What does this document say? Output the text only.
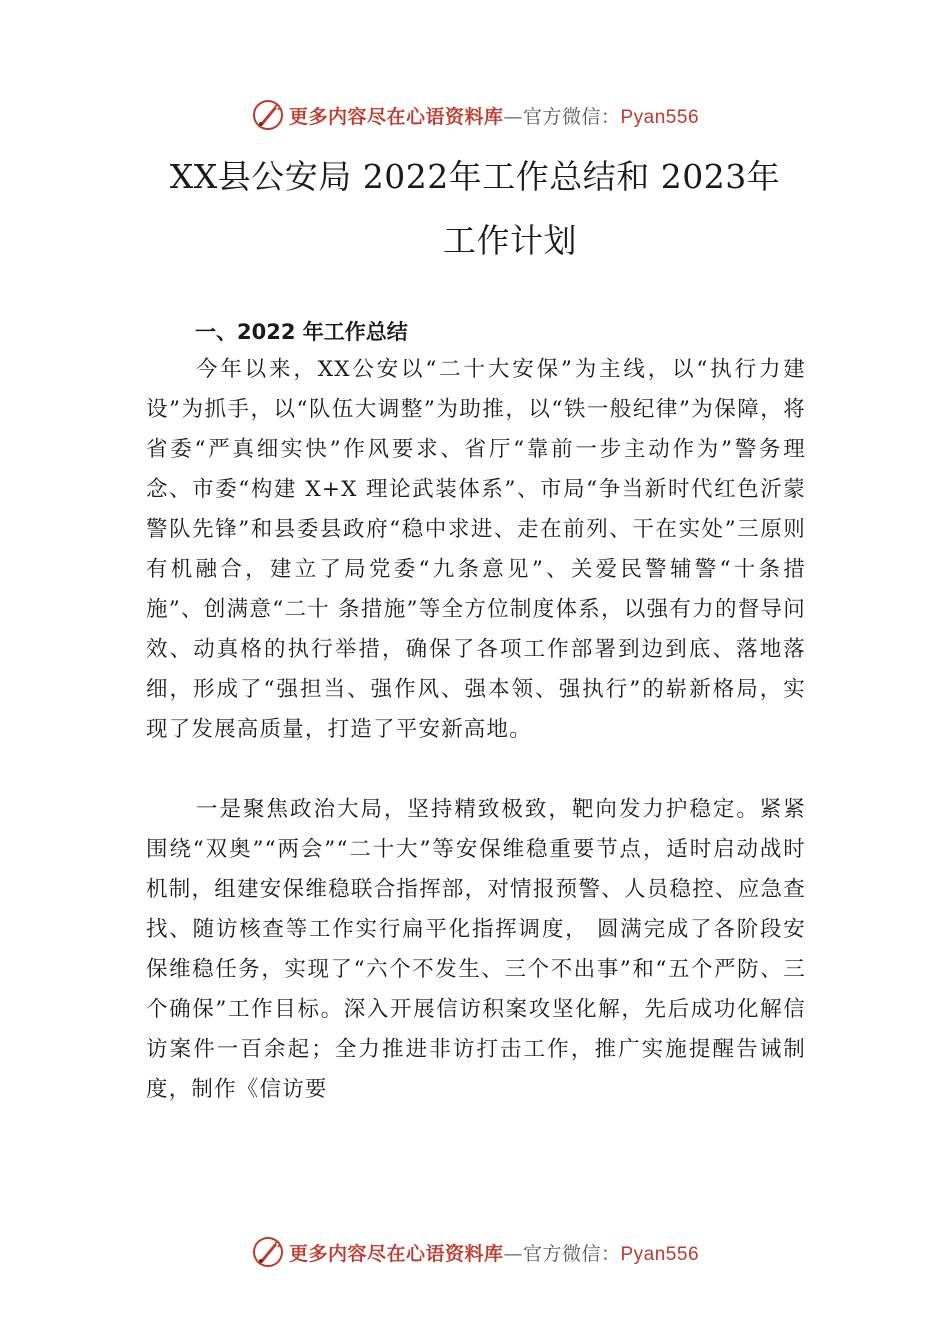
更多内容尽在心语资料库—官方微信：Pyan556
XX县公安局 2022年工作总结和 2023年
工作计划
一、2022 年工作总结

今年以来，XX公安以“二十大安保”为主线，以“执行力建设”为抓手，以“队伍大调整”为助推，以“铁一般纪律”为保障，将省委“严真细实快”作风要求、省厅“靠前一步主动作为”警务理念、市委“构建 X+X 理论武装体系”、市局“争当新时代红色沂蒙警队先锋”和县委县政府“稳中求进、走在前列、干在实处”三原则有机融合，建立了局党委“九条意见”、关爱民警辅警“十条措施”、创满意“二十 条措施”等全方位制度体系，以强有力的督导问效、动真格的执行举措，确保了各项工作部署到边到底、落地落细，形成了“强担当、强作风、强本领、强执行”的崭新格局，实 现了发展高质量，打造了平安新高地。

一是聚焦政治大局，坚持精致极致，靶向发力护稳定。紧紧围绕“双奥”“两会”“二十大”等安保维稳重要节点，适时启动战时机制，组建安保维稳联合指挥部，对情报预警、人员稳控、应急查找、随访核查等工作实行扁平化指挥调度， 圆满完成了各阶段安保维稳任务，实现了“六个不发生、三个不出事”和“五个严防、三个确保”工作目标。深入开展信访积案攻坚化解，先后成功化解信访案件一百余起；全力推进非访打击工作，推广实施提醒告诫制度，制作《信访要

更多内容尽在心语资料库—官方微信：Pyan556
